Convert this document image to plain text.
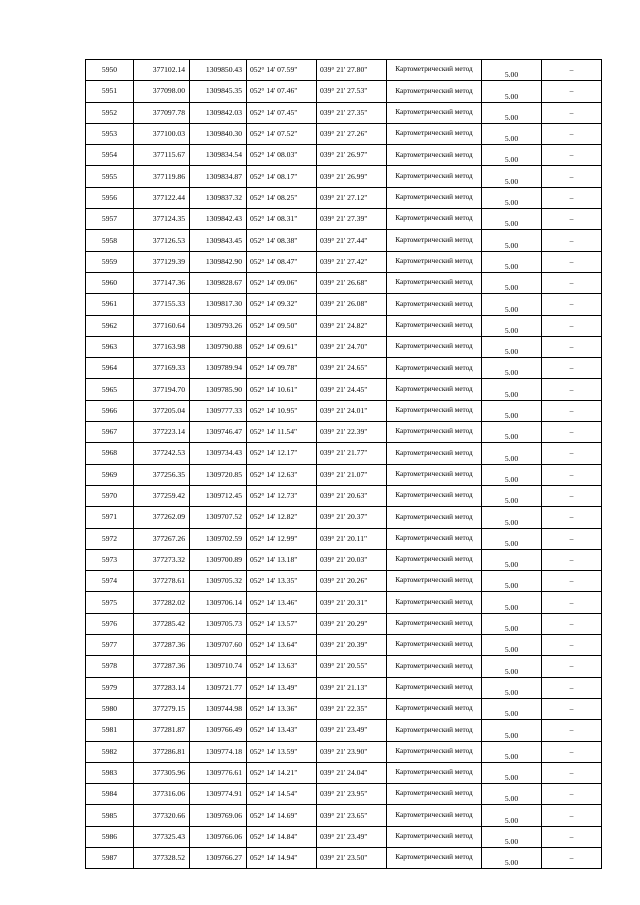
5950	377102.14	1309850.43	052° 14' 07.59"	039° 21' 27.80"	Картометрический метод	5.00	–
5951	377098.00	1309845.35	052° 14' 07.46"	039° 21' 27.53"	Картометрический метод	5.00	–
5952	377097.78	1309842.03	052° 14' 07.45"	039° 21' 27.35"	Картометрический метод	5.00	–
5953	377100.03	1309840.30	052° 14' 07.52"	039° 21' 27.26"	Картометрический метод	5.00	–
5954	377115.67	1309834.54	052° 14' 08.03"	039° 21' 26.97"	Картометрический метод	5.00	–
5955	377119.86	1309834.87	052° 14' 08.17"	039° 21' 26.99"	Картометрический метод	5.00	–
5956	377122.44	1309837.32	052° 14' 08.25"	039° 21' 27.12"	Картометрический метод	5.00	–
5957	377124.35	1309842.43	052° 14' 08.31"	039° 21' 27.39"	Картометрический метод	5.00	–
5958	377126.53	1309843.45	052° 14' 08.38"	039° 21' 27.44"	Картометрический метод	5.00	–
5959	377129.39	1309842.90	052° 14' 08.47"	039° 21' 27.42"	Картометрический метод	5.00	–
5960	377147.36	1309828.67	052° 14' 09.06"	039° 21' 26.68"	Картометрический метод	5.00	–
5961	377155.33	1309817.30	052° 14' 09.32"	039° 21' 26.08"	Картометрический метод	5.00	–
5962	377160.64	1309793.26	052° 14' 09.50"	039° 21' 24.82"	Картометрический метод	5.00	–
5963	377163.98	1309790.88	052° 14' 09.61"	039° 21' 24.70"	Картометрический метод	5.00	–
5964	377169.33	1309789.94	052° 14' 09.78"	039° 21' 24.65"	Картометрический метод	5.00	–
5965	377194.70	1309785.90	052° 14' 10.61"	039° 21' 24.45"	Картометрический метод	5.00	–
5966	377205.04	1309777.33	052° 14' 10.95"	039° 21' 24.01"	Картометрический метод	5.00	–
5967	377223.14	1309746.47	052° 14' 11.54"	039° 21' 22.39"	Картометрический метод	5.00	–
5968	377242.53	1309734.43	052° 14' 12.17"	039° 21' 21.77"	Картометрический метод	5.00	–
5969	377256.35	1309720.85	052° 14' 12.63"	039° 21' 21.07"	Картометрический метод	5.00	–
5970	377259.42	1309712.45	052° 14' 12.73"	039° 21' 20.63"	Картометрический метод	5.00	–
5971	377262.09	1309707.52	052° 14' 12.82"	039° 21' 20.37"	Картометрический метод	5.00	–
5972	377267.26	1309702.59	052° 14' 12.99"	039° 21' 20.11"	Картометрический метод	5.00	–
5973	377273.32	1309700.89	052° 14' 13.18"	039° 21' 20.03"	Картометрический метод	5.00	–
5974	377278.61	1309705.32	052° 14' 13.35"	039° 21' 20.26"	Картометрический метод	5.00	–
5975	377282.02	1309706.14	052° 14' 13.46"	039° 21' 20.31"	Картометрический метод	5.00	–
5976	377285.42	1309705.73	052° 14' 13.57"	039° 21' 20.29"	Картометрический метод	5.00	–
5977	377287.36	1309707.60	052° 14' 13.64"	039° 21' 20.39"	Картометрический метод	5.00	–
5978	377287.36	1309710.74	052° 14' 13.63"	039° 21' 20.55"	Картометрический метод	5.00	–
5979	377283.14	1309721.77	052° 14' 13.49"	039° 21' 21.13"	Картометрический метод	5.00	–
5980	377279.15	1309744.98	052° 14' 13.36"	039° 21' 22.35"	Картометрический метод	5.00	–
5981	377281.87	1309766.49	052° 14' 13.43"	039° 21' 23.49"	Картометрический метод	5.00	–
5982	377286.81	1309774.18	052° 14' 13.59"	039° 21' 23.90"	Картометрический метод	5.00	–
5983	377305.96	1309776.61	052° 14' 14.21"	039° 21' 24.04"	Картометрический метод	5.00	–
5984	377316.06	1309774.91	052° 14' 14.54"	039° 21' 23.95"	Картометрический метод	5.00	–
5985	377320.66	1309769.06	052° 14' 14.69"	039° 21' 23.65"	Картометрический метод	5.00	–
5986	377325.43	1309766.06	052° 14' 14.84"	039° 21' 23.49"	Картометрический метод	5.00	–
5987	377328.52	1309766.27	052° 14' 14.94"	039° 21' 23.50"	Картометрический метод	5.00	–
